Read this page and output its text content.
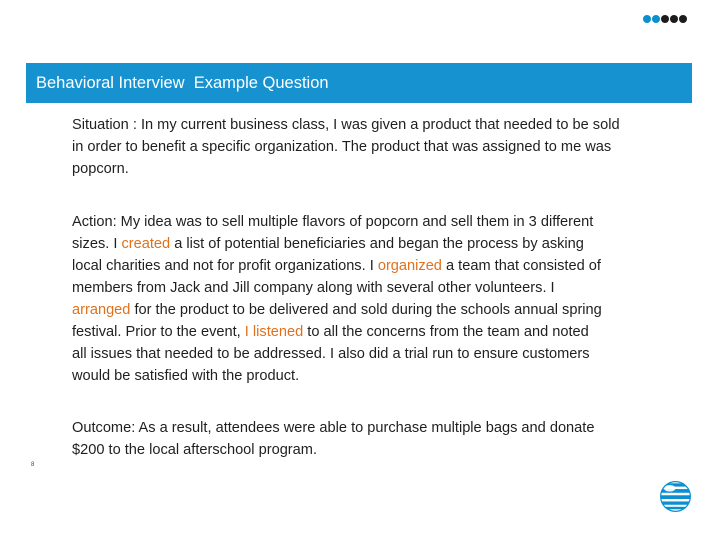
Behavioral Interview  Example Question
Situation : In my current business class, I was given a product that needed to be sold
in order to benefit a specific organization. The product that was assigned to me was
popcorn.
Action: My idea was to sell multiple flavors of popcorn and sell them in 3 different
sizes. I created a list of potential beneficiaries and began the process by asking
local charities and not for profit organizations. I organized a team that consisted of
members from Jack and Jill company along with several other volunteers. I
arranged for the product to be delivered and sold during the schools annual spring
festival. Prior to the event, I listened to all the concerns from the team and noted
all issues that needed to be addressed. I also did a trial run to ensure customers
would be satisfied with the product.
Outcome: As a result, attendees were able to purchase multiple bags and donate
$200 to the local afterschool program.
8
